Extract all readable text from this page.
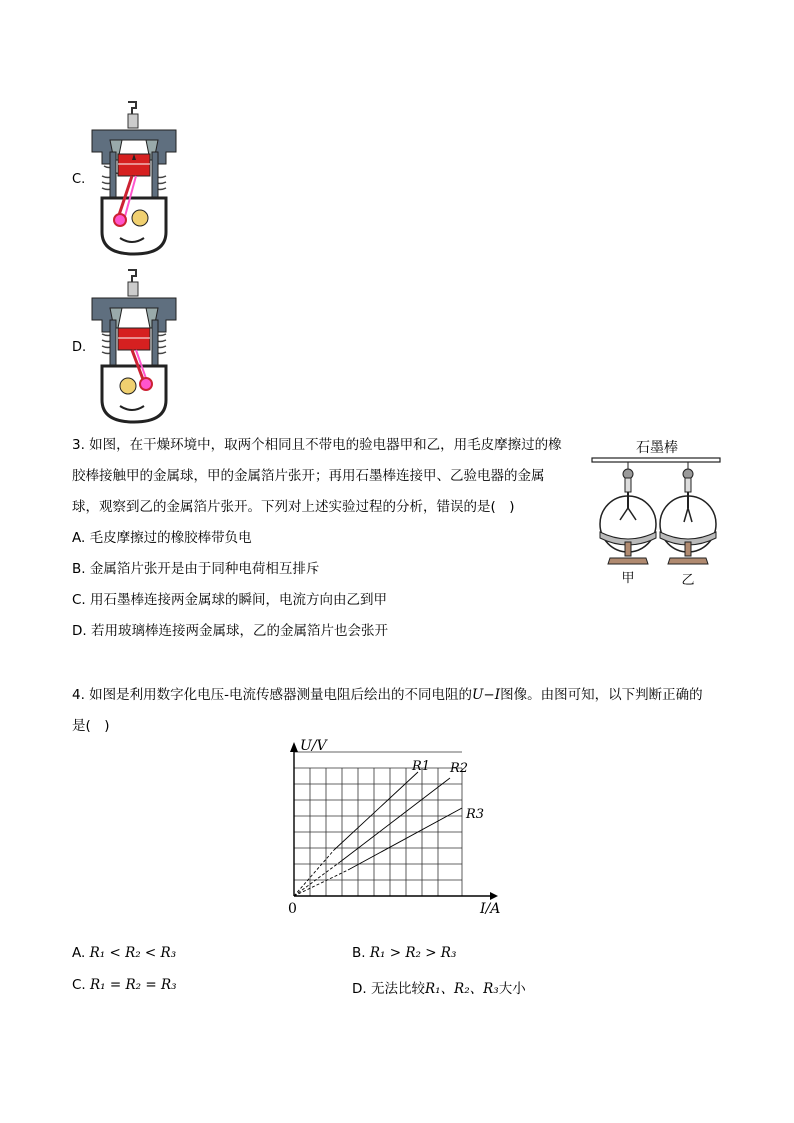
C.
D.
3. 如图，在干燥环境中，取两个相同且不带电的验电器甲和乙，用毛皮摩擦过的橡
胶棒接触甲的金属球，甲的金属箔片张开；再用石墨棒连接甲、乙验电器的金属
球，观察到乙的金属箔片张开。下列对上述实验过程的分析，错误的是(　)
A. 毛皮摩擦过的橡胶棒带负电
B. 金属箔片张开是由于同种电荷相互排斥
C. 用石墨棒连接两金属球的瞬间，电流方向由乙到甲
D. 若用玻璃棒连接两金属球，乙的金属箔片也会张开
石墨棒
甲	乙
4. 如图是利用数字化电压-电流传感器测量电阻后绘出的不同电阻的U−I图像。由图可知，以下判断正确的
是(　)
U/V
I/A
0
R1 R2
R3
A. R₁ < R₂ < R₃	B. R₁ > R₂ > R₃
C. R₁ = R₂ = R₃	D. 无法比较R₁、R₂、R₃大小
